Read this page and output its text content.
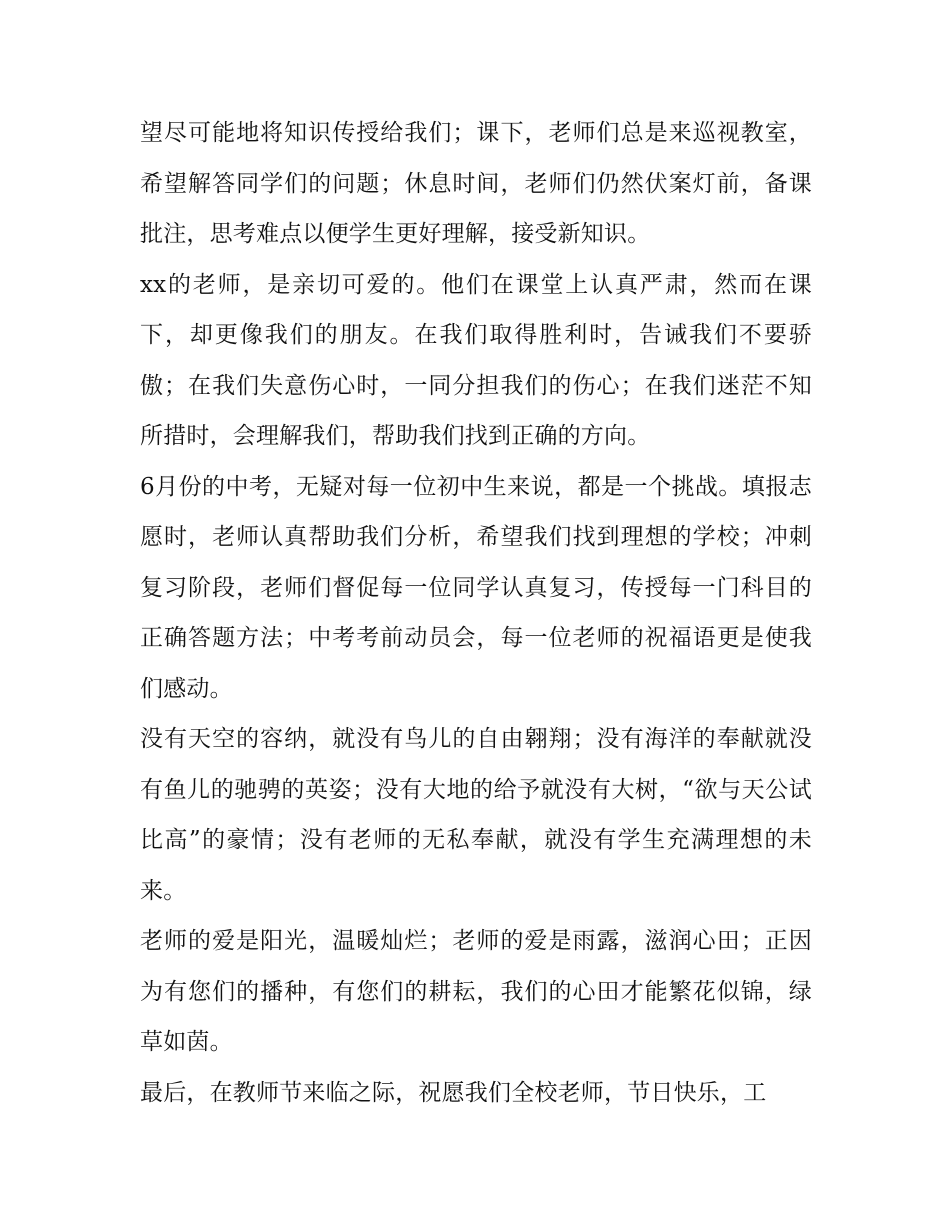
望尽可能地将知识传授给我们；课下，老师们总是来巡视教室，希望解答同学们的问题；休息时间，老师们仍然伏案灯前，备课批注，思考难点以便学生更好理解，接受新知识。

xx的老师，是亲切可爱的。他们在课堂上认真严肃，然而在课下，却更像我们的朋友。在我们取得胜利时，告诫我们不要骄傲；在我们失意伤心时，一同分担我们的伤心；在我们迷茫不知所措时，会理解我们，帮助我们找到正确的方向。

6月份的中考，无疑对每一位初中生来说，都是一个挑战。填报志愿时，老师认真帮助我们分析，希望我们找到理想的学校；冲刺复习阶段，老师们督促每一位同学认真复习，传授每一门科目的正确答题方法；中考考前动员会，每一位老师的祝福语更是使我们感动。

没有天空的容纳，就没有鸟儿的自由翱翔；没有海洋的奉献就没有鱼儿的驰骋的英姿；没有大地的给予就没有大树，“欲与天公试比高”的豪情；没有老师的无私奉献，就没有学生充满理想的未来。

老师的爱是阳光，温暖灿烂；老师的爱是雨露，滋润心田；正因为有您们的播种，有您们的耕耘，我们的心田才能繁花似锦，绿草如茵。

最后，在教师节来临之际，祝愿我们全校老师，节日快乐，工
